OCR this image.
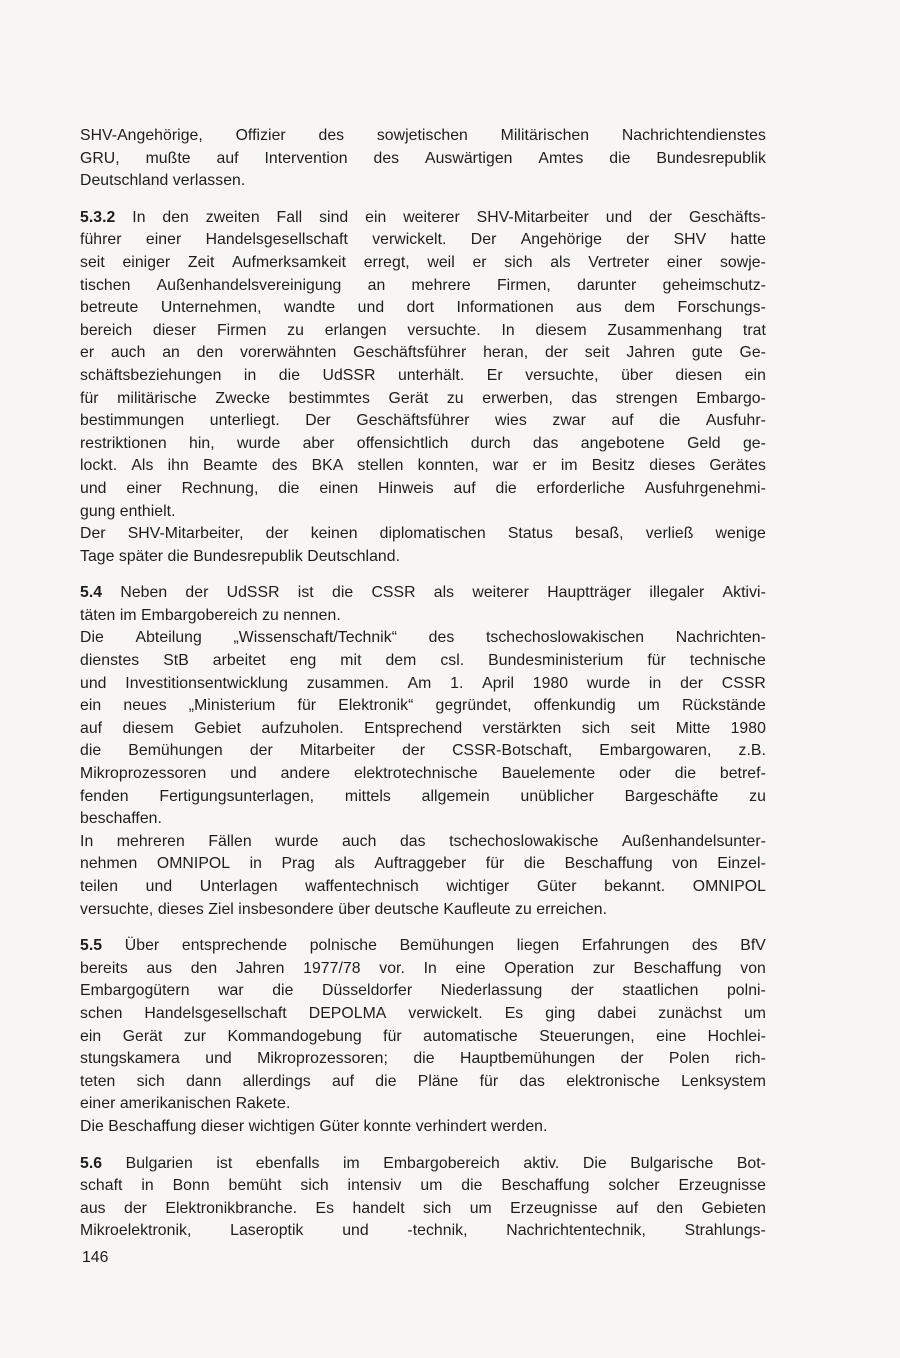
SHV-Angehörige, Offizier des sowjetischen Militärischen Nachrichtendienstes
GRU, mußte auf Intervention des Auswärtigen Amtes die Bundesrepublik
Deutschland verlassen.
5.3.2 In den zweiten Fall sind ein weiterer SHV-Mitarbeiter und der Geschäfts-
führer einer Handelsgesellschaft verwickelt. Der Angehörige der SHV hatte
seit einiger Zeit Aufmerksamkeit erregt, weil er sich als Vertreter einer sowje-
tischen Außenhandelsvereinigung an mehrere Firmen, darunter geheimschutz-
betreute Unternehmen, wandte und dort Informationen aus dem Forschungs-
bereich dieser Firmen zu erlangen versuchte. In diesem Zusammenhang trat
er auch an den vorerwähnten Geschäftsführer heran, der seit Jahren gute Ge-
schäftsbeziehungen in die UdSSR unterhält. Er versuchte, über diesen ein
für militärische Zwecke bestimmtes Gerät zu erwerben, das strengen Embargo-
bestimmungen unterliegt. Der Geschäftsführer wies zwar auf die Ausfuhr-
restriktionen hin, wurde aber offensichtlich durch das angebotene Geld ge-
lockt. Als ihn Beamte des BKA stellen konnten, war er im Besitz dieses Gerätes
und einer Rechnung, die einen Hinweis auf die erforderliche Ausfuhrgenehmi-
gung enthielt.
Der SHV-Mitarbeiter, der keinen diplomatischen Status besaß, verließ wenige
Tage später die Bundesrepublik Deutschland.
5.4 Neben der UdSSR ist die CSSR als weiterer Hauptträger illegaler Aktivi-
täten im Embargobereich zu nennen.
Die Abteilung „Wissenschaft/Technik“ des tschechoslowakischen Nachrichten-
dienstes StB arbeitet eng mit dem csl. Bundesministerium für technische
und Investitionsentwicklung zusammen. Am 1. April 1980 wurde in der CSSR
ein neues „Ministerium für Elektronik“ gegründet, offenkundig um Rückstände
auf diesem Gebiet aufzuholen. Entsprechend verstärkten sich seit Mitte 1980
die Bemühungen der Mitarbeiter der CSSR-Botschaft, Embargowaren, z.B.
Mikroprozessoren und andere elektrotechnische Bauelemente oder die betref-
fenden Fertigungsunterlagen, mittels allgemein unüblicher Bargeschäfte zu
beschaffen.
In mehreren Fällen wurde auch das tschechoslowakische Außenhandelsunter-
nehmen OMNIPOL in Prag als Auftraggeber für die Beschaffung von Einzel-
teilen und Unterlagen waffentechnisch wichtiger Güter bekannt. OMNIPOL
versuchte, dieses Ziel insbesondere über deutsche Kaufleute zu erreichen.
5.5 Über entsprechende polnische Bemühungen liegen Erfahrungen des BfV
bereits aus den Jahren 1977/78 vor. In eine Operation zur Beschaffung von
Embargogütern war die Düsseldorfer Niederlassung der staatlichen polni-
schen Handelsgesellschaft DEPOLMA verwickelt. Es ging dabei zunächst um
ein Gerät zur Kommandogebung für automatische Steuerungen, eine Hochlei-
stungskamera und Mikroprozessoren; die Hauptbemühungen der Polen rich-
teten sich dann allerdings auf die Pläne für das elektronische Lenksystem
einer amerikanischen Rakete.
Die Beschaffung dieser wichtigen Güter konnte verhindert werden.
5.6 Bulgarien ist ebenfalls im Embargobereich aktiv. Die Bulgarische Bot-
schaft in Bonn bemüht sich intensiv um die Beschaffung solcher Erzeugnisse
aus der Elektronikbranche. Es handelt sich um Erzeugnisse auf den Gebieten
Mikroelektronik, Laseroptik und -technik, Nachrichtentechnik, Strahlungs-
146
